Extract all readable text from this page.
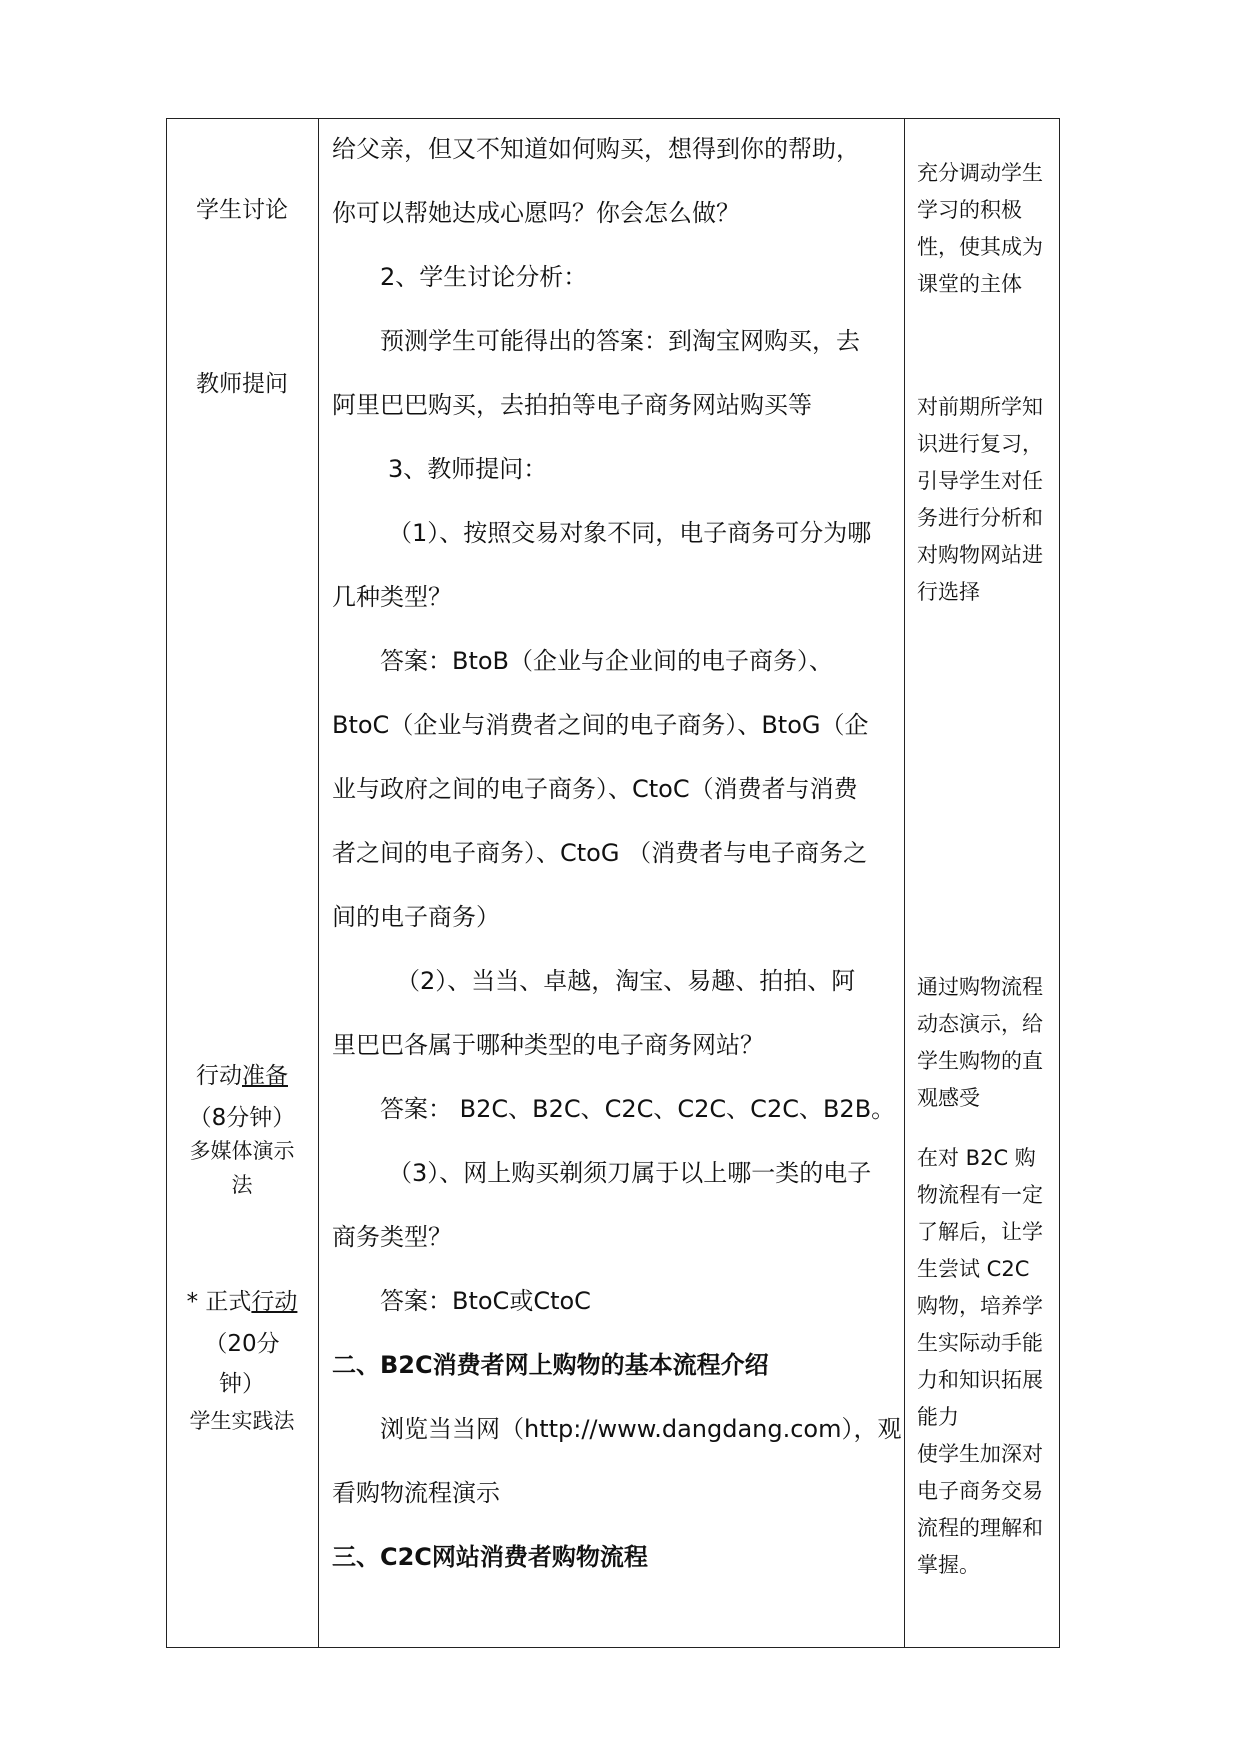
学生讨论
教师提问
行动准备
（8分钟）
多媒体演示
法
* 正式行动
（20分
钟）
学生实践法
给父亲，但又不知道如何购买，想得到你的帮助，
你可以帮她达成心愿吗？你会怎么做？
2、学生讨论分析：
预测学生可能得出的答案：到淘宝网购买，去
阿里巴巴购买，去拍拍等电子商务网站购买等
3、教师提问：
（1）、按照交易对象不同，电子商务可分为哪
几种类型？
答案：BtoB（企业与企业间的电子商务）、
BtoC（企业与消费者之间的电子商务）、BtoG（企
业与政府之间的电子商务）、CtoC（消费者与消费
者之间的电子商务）、CtoG （消费者与电子商务之
间的电子商务）
（2）、当当、卓越，淘宝、易趣、拍拍、阿
里巴巴各属于哪种类型的电子商务网站？
答案： B2C、B2C、C2C、C2C、C2C、B2B。
（3）、网上购买剃须刀属于以上哪一类的电子
商务类型？
答案：BtoC或CtoC
二、B2C消费者网上购物的基本流程介绍
浏览当当网（http://www.dangdang.com），观
看购物流程演示
三、C2C网站消费者购物流程
充分调动学生
学习的积极
性，使其成为
课堂的主体
对前期所学知
识进行复习，
引导学生对任
务进行分析和
对购物网站进
行选择
通过购物流程
动态演示，给
学生购物的直
观感受
在对 B2C 购
物流程有一定
了解后，让学
生尝试 C2C
购物，培养学
生实际动手能
力和知识拓展
能力
使学生加深对
电子商务交易
流程的理解和
掌握。
